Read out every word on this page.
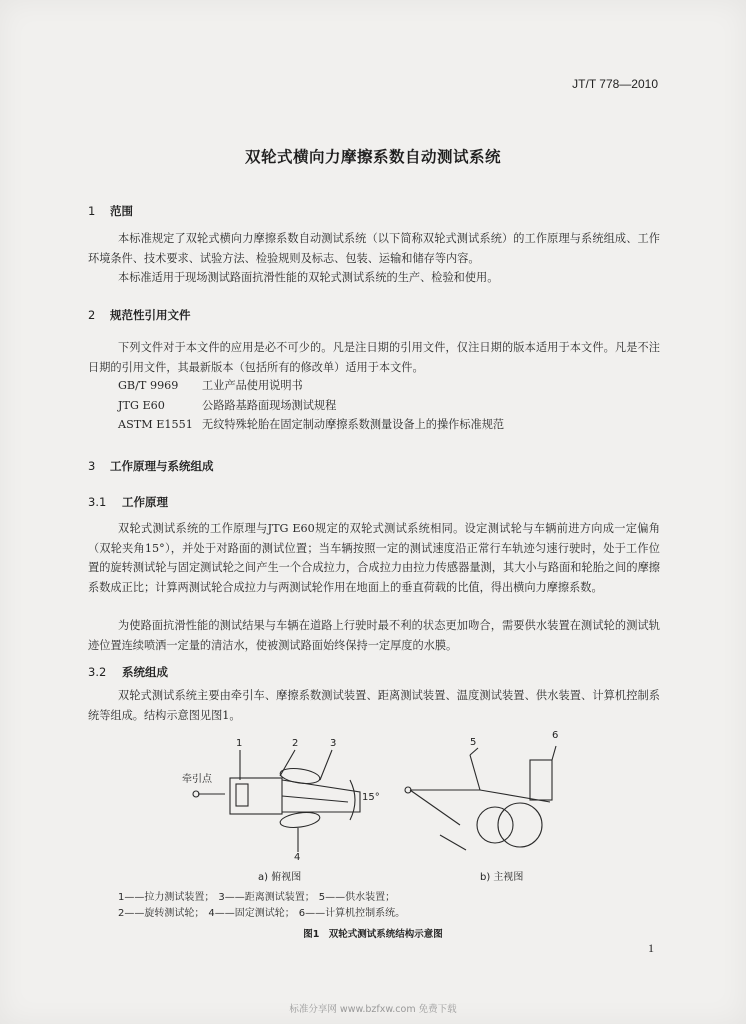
JT/T 778—2010
双轮式横向力摩擦系数自动测试系统
1 范围

本标准规定了双轮式横向力摩擦系数自动测试系统（以下简称双轮式测试系统）的工作原理与系统组成、工作环境条件、技术要求、试验方法、检验规则及标志、包装、运输和储存等内容。

本标准适用于现场测试路面抗滑性能的双轮式测试系统的生产、检验和使用。

2 规范性引用文件

下列文件对于本文件的应用是必不可少的。凡是注日期的引用文件，仅注日期的版本适用于本文件。凡是不注日期的引用文件，其最新版本（包括所有的修改单）适用于本文件。

GB/T 9969	工业产品使用说明书
JTG E60	公路路基路面现场测试规程
ASTM E1551 无纹特殊轮胎在固定制动摩擦系数测量设备上的操作标准规范
3 工作原理与系统组成
3.1 工作原理

双轮式测试系统的工作原理与JTG E60规定的双轮式测试系统相同。设定测试轮与车辆前进方向成一定偏角（双轮夹角15°），并处于对路面的测试位置；当车辆按照一定的测试速度沿正常行车轨迹匀速行驶时，处于工作位置的旋转测试轮与固定测试轮之间产生一个合成拉力，合成拉力由拉力传感器量测，其大小与路面和轮胎之间的摩擦系数成正比；计算两测试轮合成拉力与两测试轮作用在地面上的垂直荷载的比值，得出横向力摩擦系数。

为使路面抗滑性能的测试结果与车辆在道路上行驶时最不利的状态更加吻合，需要供水装置在测试轮的测试轨迹位置连续喷洒一定量的清洁水，使被测试路面始终保持一定厚度的水膜。

3.2 系统组成

双轮式测试系统主要由牵引车、摩擦系数测试装置、距离测试装置、温度测试装置、供水装置、计算机控制系统等组成。结构示意图见图1。

牵引点
15°
1	2	3
4
a) 俯视图
5
6
b) 主视图
1——拉力测试装置； 3——距离测试装置； 5——供水装置；
2——旋转测试轮； 4——固定测试轮； 6——计算机控制系统。
图1　双轮式测试系统结构示意图
1
标准分享网 www.bzfxw.com 免费下载
